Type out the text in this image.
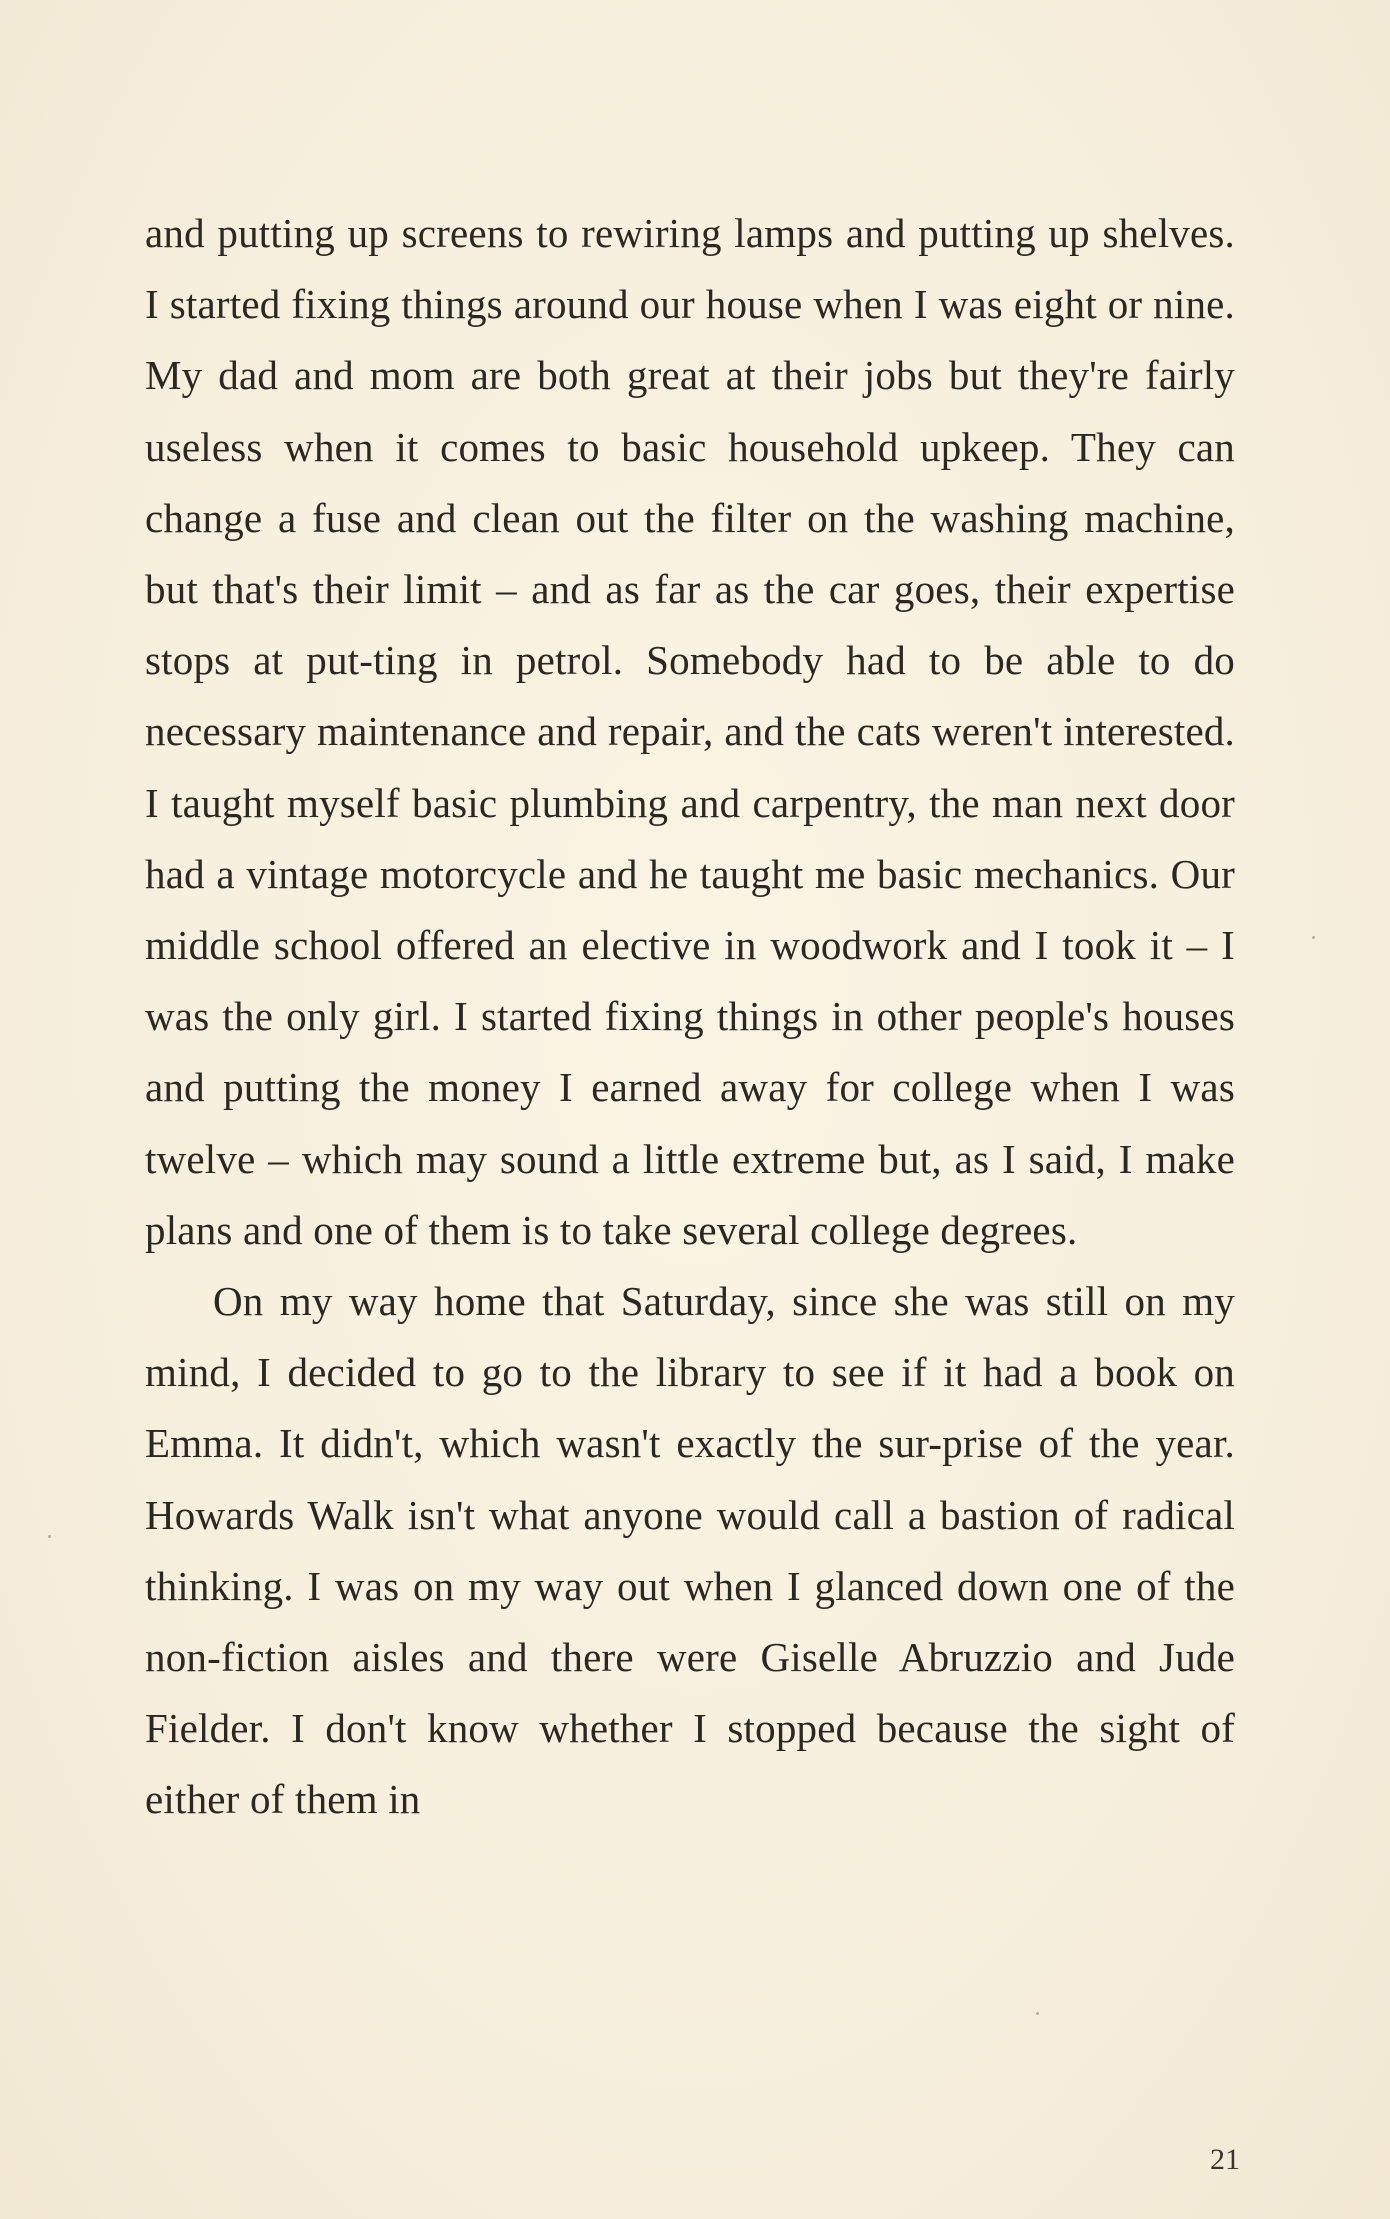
and putting up screens to rewiring lamps and putting up shelves. I started fixing things around our house when I was eight or nine. My dad and mom are both great at their jobs but they're fairly useless when it comes to basic household upkeep. They can change a fuse and clean out the filter on the washing machine, but that's their limit – and as far as the car goes, their expertise stops at put-ting in petrol. Somebody had to be able to do necessary maintenance and repair, and the cats weren't interested. I taught myself basic plumbing and carpentry, the man next door had a vintage motorcycle and he taught me basic mechanics. Our middle school offered an elective in woodwork and I took it – I was the only girl. I started fixing things in other people's houses and putting the money I earned away for college when I was twelve – which may sound a little extreme but, as I said, I make plans and one of them is to take several college degrees.

On my way home that Saturday, since she was still on my mind, I decided to go to the library to see if it had a book on Emma. It didn't, which wasn't exactly the sur-prise of the year. Howards Walk isn't what anyone would call a bastion of radical thinking. I was on my way out when I glanced down one of the non-fiction aisles and there were Giselle Abruzzio and Jude Fielder. I don't know whether I stopped because the sight of either of them in

21
